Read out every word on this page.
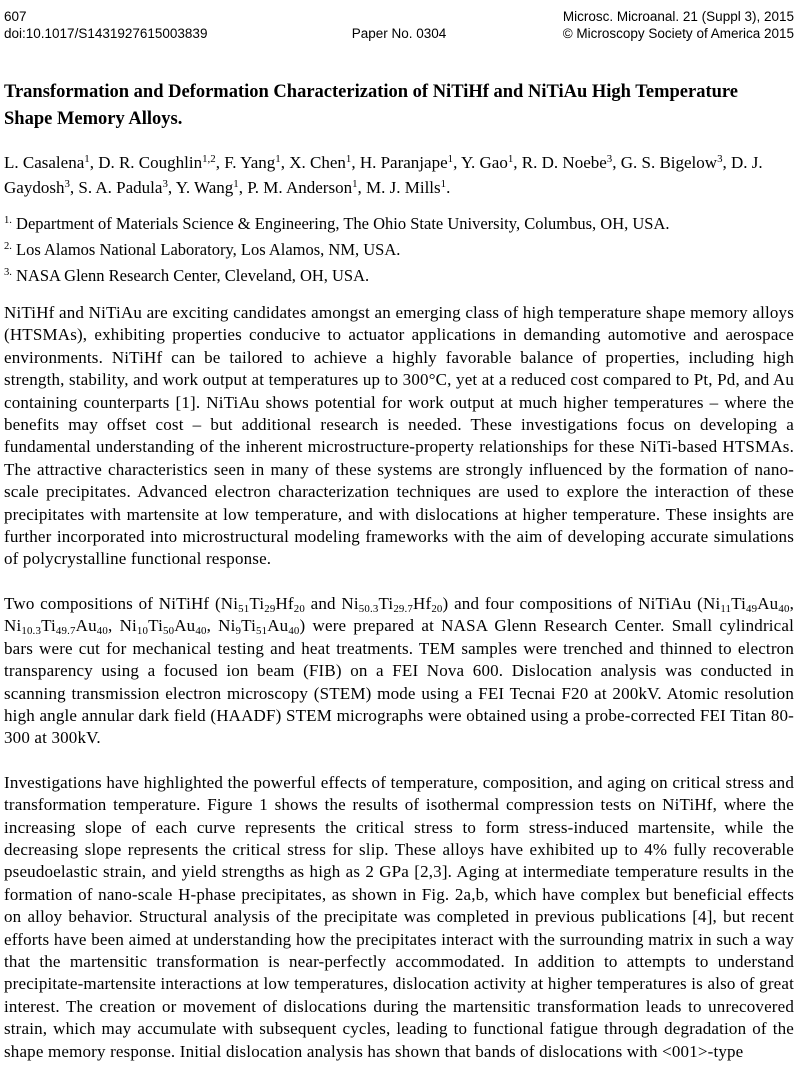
607
doi:10.1017/S1431927615003839
	Paper No. 0304
Microsc. Microanal. 21 (Suppl 3), 2015
© Microscopy Society of America 2015
Transformation and Deformation Characterization of NiTiHf and NiTiAu High Temperature Shape Memory Alloys.

L. Casalena$^1$, D. R. Coughlin$^{1,2}$, F. Yang$^1$, X. Chen$^1$, H. Paranjape$^1$, Y. Gao$^1$, R. D. Noebe$^3$, G. S. Bigelow$^3$, D. J. Gaydosh$^3$, S. A. Padula$^3$, Y. Wang$^1$, P. M. Anderson$^1$, M. J. Mills$^1$.

$^{1.}$ Department of Materials Science & Engineering, The Ohio State University, Columbus, OH, USA.
$^{2.}$ Los Alamos National Laboratory, Los Alamos, NM, USA.
$^{3.}$ NASA Glenn Research Center, Cleveland, OH, USA.

NiTiHf and NiTiAu are exciting candidates amongst an emerging class of high temperature shape memory alloys (HTSMAs), exhibiting properties conducive to actuator applications in demanding automotive and aerospace environments. NiTiHf can be tailored to achieve a highly favorable balance of properties, including high strength, stability, and work output at temperatures up to 300°C, yet at a reduced cost compared to Pt, Pd, and Au containing counterparts [1]. NiTiAu shows potential for work output at much higher temperatures – where the benefits may offset cost – but additional research is needed. These investigations focus on developing a fundamental understanding of the inherent microstructure-property relationships for these NiTi-based HTSMAs. The attractive characteristics seen in many of these systems are strongly influenced by the formation of nano-scale precipitates. Advanced electron characterization techniques are used to explore the interaction of these precipitates with martensite at low temperature, and with dislocations at higher temperature. These insights are further incorporated into microstructural modeling frameworks with the aim of developing accurate simulations of polycrystalline functional response.

Two compositions of NiTiHf ($Ni_{51}Ti_{29}Hf_{20}$ and $Ni_{50.3}Ti_{29.7}Hf_{20}$) and four compositions of NiTiAu ($Ni_{11}Ti_{49}Au_{40}$, $Ni_{10.3}Ti_{49.7}Au_{40}$, $Ni_{10}Ti_{50}Au_{40}$, $Ni_9Ti_{51}Au_{40}$) were prepared at NASA Glenn Research Center. Small cylindrical bars were cut for mechanical testing and heat treatments. TEM samples were trenched and thinned to electron transparency using a focused ion beam (FIB) on a FEI Nova 600. Dislocation analysis was conducted in scanning transmission electron microscopy (STEM) mode using a FEI Tecnai F20 at 200kV. Atomic resolution high angle annular dark field (HAADF) STEM micrographs were obtained using a probe-corrected FEI Titan 80-300 at 300kV.

Investigations have highlighted the powerful effects of temperature, composition, and aging on critical stress and transformation temperature. Figure 1 shows the results of isothermal compression tests on NiTiHf, where the increasing slope of each curve represents the critical stress to form stress-induced martensite, while the decreasing slope represents the critical stress for slip. These alloys have exhibited up to 4% fully recoverable pseudoelastic strain, and yield strengths as high as 2 GPa [2,3]. Aging at intermediate temperature results in the formation of nano-scale H-phase precipitates, as shown in Fig. 2a,b, which have complex but beneficial effects on alloy behavior. Structural analysis of the precipitate was completed in previous publications [4], but recent efforts have been aimed at understanding how the precipitates interact with the surrounding matrix in such a way that the martensitic transformation is near-perfectly accommodated. In addition to attempts to understand precipitate-martensite interactions at low temperatures, dislocation activity at higher temperatures is also of great interest. The creation or movement of dislocations during the martensitic transformation leads to unrecovered strain, which may accumulate with subsequent cycles, leading to functional fatigue through degradation of the shape memory response. Initial dislocation analysis has shown that bands of dislocations with <001>-type
